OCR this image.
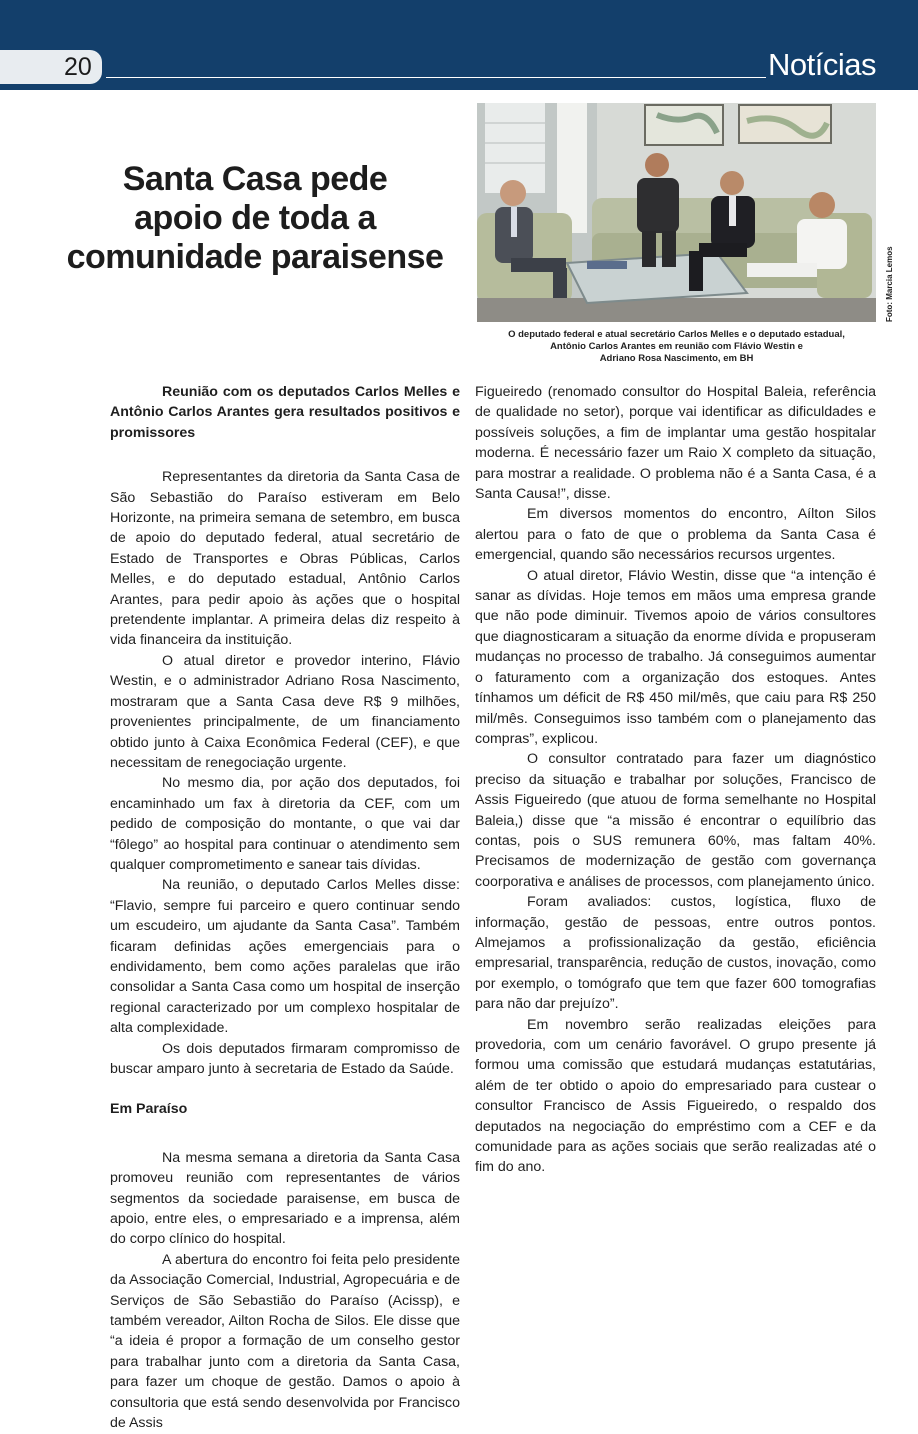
20	Notícias
Santa Casa pede
apoio de toda a
comunidade paraisense	Foto: Marcia Lemos
O deputado federal e atual secretário Carlos Melles e o deputado estadual,
Antônio Carlos Arantes em reunião com Flávio Westin e
Adriano Rosa Nascimento, em BH

Reunião com os deputados Carlos Melles e Antônio Carlos Arantes gera resultados positivos e promissores

Representantes da diretoria da Santa Casa de São Sebastião do Paraíso estiveram em Belo Horizonte, na primeira semana de setembro, em busca de apoio do deputado federal, atual secretário de Estado de Transportes e Obras Públicas, Carlos Melles, e do deputado estadual, Antônio Carlos Arantes, para pedir apoio às ações que o hospital pretendente implantar. A primeira delas diz respeito à vida financeira da instituição.

O atual diretor e provedor interino, Flávio Westin, e o administrador Adriano Rosa Nascimento, mostraram que a Santa Casa deve R$ 9 milhões, provenientes principalmente, de um financiamento obtido junto à Caixa Econômica Federal (CEF), e que necessitam de renegociação urgente.

No mesmo dia, por ação dos deputados, foi encaminhado um fax à diretoria da CEF, com um pedido de composição do montante, o que vai dar “fôlego” ao hospital para continuar o atendimento sem qualquer comprometimento e sanear tais dívidas.

Na reunião, o deputado Carlos Melles disse: “Flavio, sempre fui parceiro e quero continuar sendo um escudeiro, um ajudante da Santa Casa”. Também ficaram definidas ações emergenciais para o endividamento, bem como ações paralelas que irão consolidar a Santa Casa como um hospital de inserção regional caracterizado por um complexo hospitalar de alta complexidade.

Os dois deputados firmaram compromisso de buscar amparo junto à secretaria de Estado da Saúde.

Em Paraíso

Na mesma semana a diretoria da Santa Casa promoveu reunião com representantes de vários segmentos da sociedade paraisense, em busca de apoio, entre eles, o empresariado e a imprensa, além do corpo clínico do hospital.

A abertura do encontro foi feita pelo presidente da Associação Comercial, Industrial, Agropecuária e de Serviços de São Sebastião do Paraíso (Acissp), e também vereador, Ailton Rocha de Silos. Ele disse que “a ideia é propor a formação de um conselho gestor para trabalhar junto com a diretoria da Santa Casa, para fazer um choque de gestão. Damos o apoio à consultoria que está sendo desenvolvida por Francisco de Assis

Figueiredo (renomado consultor do Hospital Baleia, referência de qualidade no setor), porque vai identificar as dificuldades e possíveis soluções, a fim de implantar uma gestão hospitalar moderna. É necessário fazer um Raio X completo da situação, para mostrar a realidade. O problema não é a Santa Casa, é a Santa Causa!”, disse.

Em diversos momentos do encontro, Aílton Silos alertou para o fato de que o problema da Santa Casa é emergencial, quando são necessários recursos urgentes.

O atual diretor, Flávio Westin, disse que “a intenção é sanar as dívidas. Hoje temos em mãos uma empresa grande que não pode diminuir. Tivemos apoio de vários consultores que diagnosticaram a situação da enorme dívida e propuseram mudanças no processo de trabalho. Já conseguimos aumentar o faturamento com a organização dos estoques. Antes tínhamos um déficit de R$ 450 mil/mês, que caiu para R$ 250 mil/mês. Conseguimos isso também com o planejamento das compras”, explicou.

O consultor contratado para fazer um diagnóstico preciso da situação e trabalhar por soluções, Francisco de Assis Figueiredo (que atuou de forma semelhante no Hospital Baleia,) disse que “a missão é encontrar o equilíbrio das contas, pois o SUS remunera 60%, mas faltam 40%. Precisamos de modernização de gestão com governança coorporativa e análises de processos, com planejamento único.

Foram avaliados: custos, logística, fluxo de informação, gestão de pessoas, entre outros pontos. Almejamos a profissionalização da gestão, eficiência empresarial, transparência, redução de custos, inovação, como por exemplo, o tomógrafo que tem que fazer 600 tomografias para não dar prejuízo”.

Em novembro serão realizadas eleições para provedoria, com um cenário favorável. O grupo presente já formou uma comissão que estudará mudanças estatutárias, além de ter obtido o apoio do empresariado para custear o consultor Francisco de Assis Figueiredo, o respaldo dos deputados na negociação do empréstimo com a CEF e da comunidade para as ações sociais que serão realizadas até o fim do ano.
